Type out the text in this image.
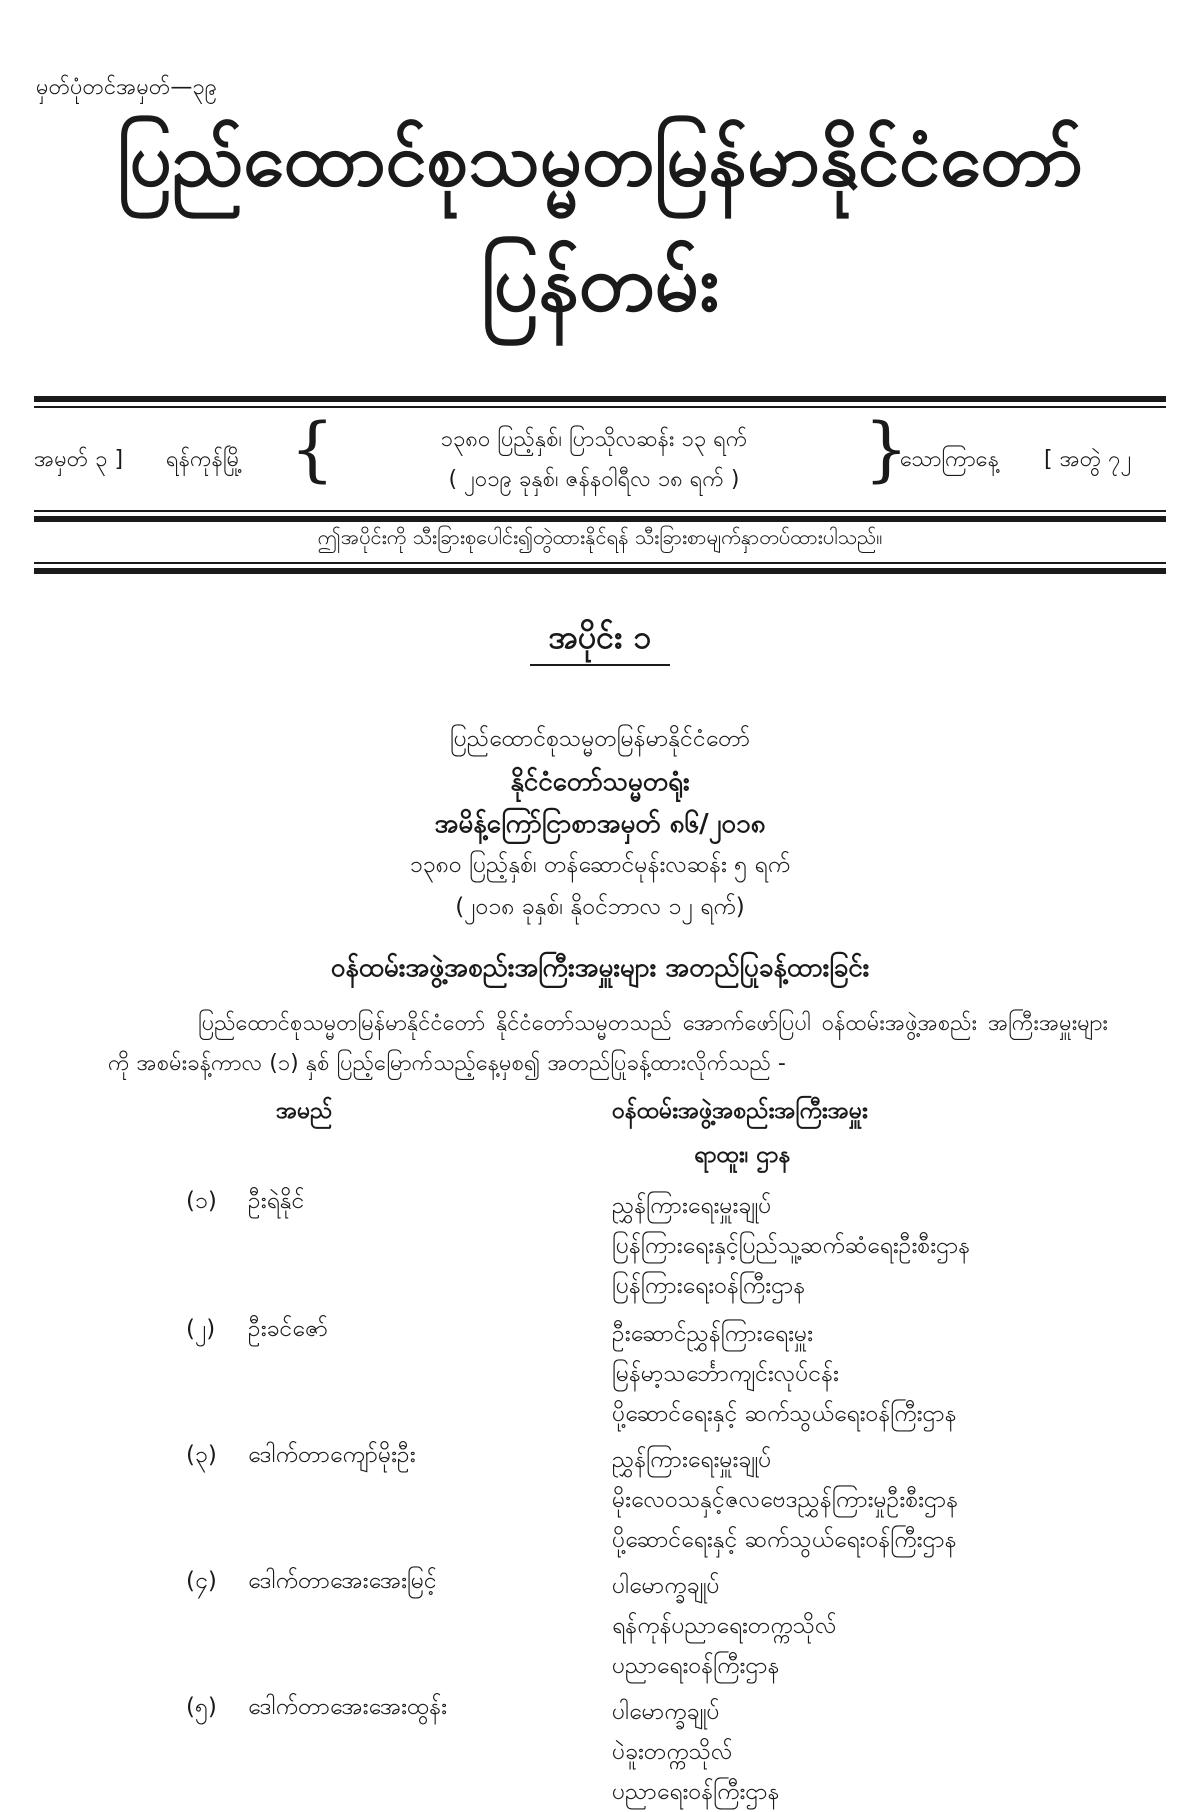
မှတ်ပုံတင်အမှတ်—၃၉
ပြည်ထောင်စုသမ္မတမြန်မာနိုင်ငံတော်
ပြန်တမ်း
အမှတ် ၃ ] ရန်ကုန်မြို့ {	၁၃၈၀ ပြည့်နှစ်၊ ပြာသိုလဆန်း ၁၃ ရက်
( ၂၀၁၉ ခုနှစ်၊ ဇန်နဝါရီလ ၁၈ ရက် )	}
သောကြာနေ့ [ အတွဲ ၇၂
ဤအပိုင်းကို သီးခြားစုပေါင်း၍တွဲထားနိုင်ရန် သီးခြားစာမျက်နှာတပ်ထားပါသည်။
အပိုင်း ၁
ပြည်ထောင်စုသမ္မတမြန်မာနိုင်ငံတော်
နိုင်ငံတော်သမ္မတရုံး
အမိန့်ကြော်ငြာစာအမှတ် ၈၆/၂၀၁၈
၁၃၈၀ ပြည့်နှစ်၊ တန်ဆောင်မုန်းလဆန်း ၅ ရက်
(၂၀၁၈ ခုနှစ်၊ နိုဝင်ဘာလ ၁၂ ရက်)
ဝန်ထမ်းအဖွဲ့အစည်းအကြီးအမှူးများ အတည်ပြုခန့်ထားခြင်း
ပြည်ထောင်စုသမ္မတမြန်မာနိုင်ငံတော် နိုင်ငံတော်သမ္မတသည် အောက်ဖော်ပြပါ ဝန်ထမ်းအဖွဲ့အစည်း အကြီးအမှူးများကို အစမ်းခန့်ကာလ (၁) နှစ် ပြည့်မြောက်သည့်နေ့မှစ၍ အတည်ပြုခန့်ထားလိုက်သည် -
အမည်	ဝန်ထမ်းအဖွဲ့အစည်းအကြီးအမှူး
ရာထူး၊ ဌာန
(၁) ဦးရဲနိုင်	ညွှန်ကြားရေးမှူးချုပ်
ပြန်ကြားရေးနှင့်ပြည်သူ့ဆက်ဆံရေးဦးစီးဌာန
ပြန်ကြားရေးဝန်ကြီးဌာန
(၂) ဦးခင်ဇော်	ဦးဆောင်ညွှန်ကြားရေးမှူး
မြန်မာ့သင်္ဘောကျင်းလုပ်ငန်း
ပို့ဆောင်ရေးနှင့် ဆက်သွယ်ရေးဝန်ကြီးဌာန
(၃) ဒေါက်တာကျော်မိုးဦး	ညွှန်ကြားရေးမှူးချုပ်
မိုးလေဝသနှင့်ဇလဗေဒညွှန်ကြားမှုဦးစီးဌာန
ပို့ဆောင်ရေးနှင့် ဆက်သွယ်ရေးဝန်ကြီးဌာန
(၄) ဒေါက်တာအေးအေးမြင့်	ပါမောက္ခချုပ်
ရန်ကုန်ပညာရေးတက္ကသိုလ်
ပညာရေးဝန်ကြီးဌာန
(၅) ဒေါက်တာအေးအေးထွန်း	ပါမောက္ခချုပ်
ပဲခူးတက္ကသိုလ်
ပညာရေးဝန်ကြီးဌာန
